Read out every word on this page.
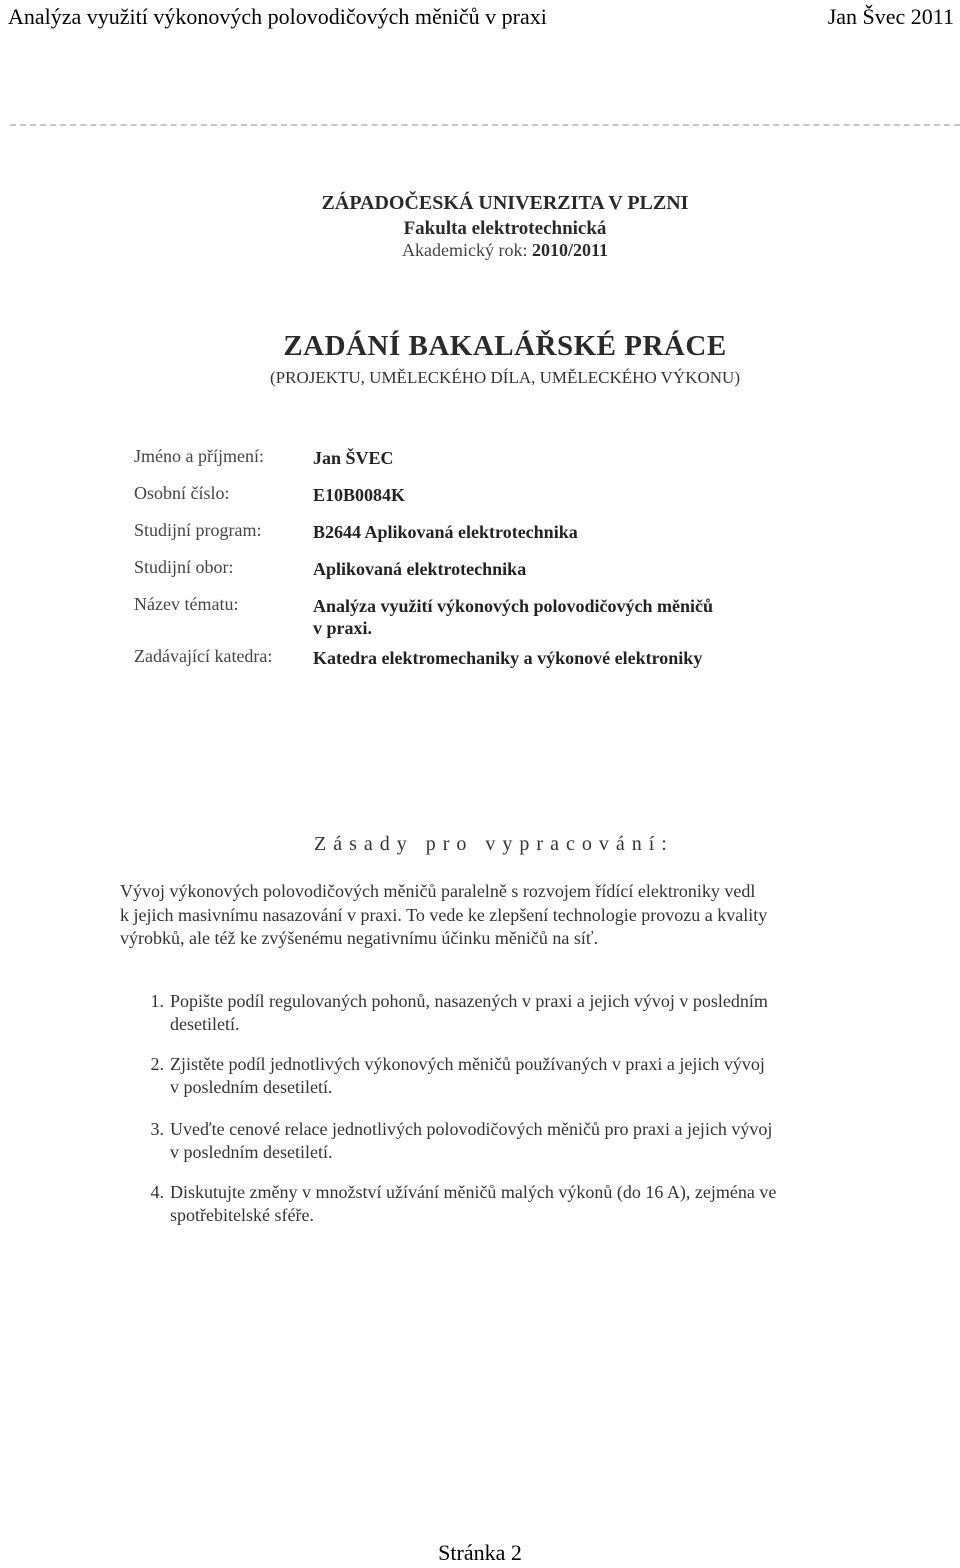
Analýza využití výkonových polovodičových měničů v praxi	Jan Švec 2011
ZÁPADOČESKÁ UNIVERZITA V PLZNI
Fakulta elektrotechnická
Akademický rok: 2010/2011
ZADÁNÍ BAKALÁŘSKÉ PRÁCE
(PROJEKTU, UMĚLECKÉHO DÍLA, UMĚLECKÉHO VÝKONU)
Jméno a příjmení:	Jan ŠVEC
Osobní číslo:	E10B0084K
Studijní program:	B2644 Aplikovaná elektrotechnika
Studijní obor:	Aplikovaná elektrotechnika
Název tématu:	Analýza využití výkonových polovodičových měničů
v praxi.
Zadávající katedra: Katedra elektromechaniky a výkonové elektroniky
Zásady pro vypracování:
Vývoj výkonových polovodičových měničů paralelně s rozvojem řídící elektroniky vedl
k jejich masivnímu nasazování v praxi. To vede ke zlepšení technologie provozu a kvality
výrobků, ale též ke zvýšenému negativnímu účinku měničů na síť.
1. Popište podíl regulovaných pohonů, nasazených v praxi a jejich vývoj v posledním
desetiletí.
2. Zjistěte podíl jednotlivých výkonových měničů používaných v praxi a jejich vývoj
v posledním desetiletí.
3. Uveďte cenové relace jednotlivých polovodičových měničů pro praxi a jejich vývoj
v posledním desetiletí.
4. Diskutujte změny v množství užívání měničů malých výkonů (do 16 A), zejména ve
spotřebitelské sféře.
Stránka 2
